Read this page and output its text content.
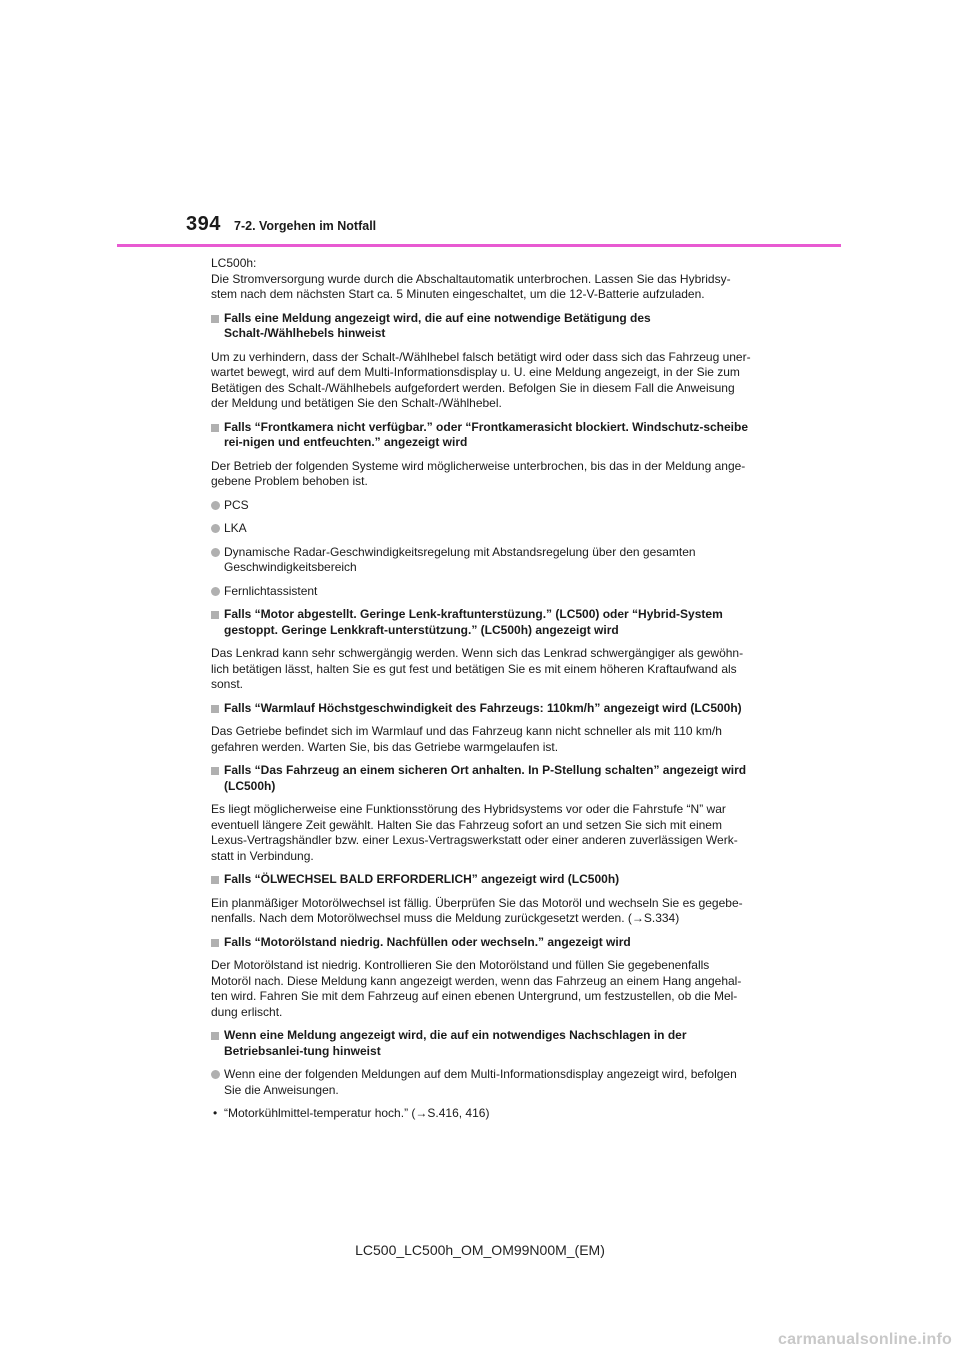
394 7-2. Vorgehen im Notfall

LC500h:
Die Stromversorgung wurde durch die Abschaltautomatik unterbrochen. Lassen Sie das Hybridsy-stem nach dem nächsten Start ca. 5 Minuten eingeschaltet, um die 12-V-Batterie aufzuladen.

Falls eine Meldung angezeigt wird, die auf eine notwendige Betätigung des Schalt-/Wählhebels hinweist

Um zu verhindern, dass der Schalt-/Wählhebel falsch betätigt wird oder dass sich das Fahrzeug uner-wartet bewegt, wird auf dem Multi-Informationsdisplay u. U. eine Meldung angezeigt, in der Sie zum Betätigen des Schalt-/Wählhebels aufgefordert werden. Befolgen Sie in diesem Fall die Anweisung der Meldung und betätigen Sie den Schalt-/Wählhebel.

Falls “Frontkamera nicht verfügbar.” oder “Frontkamerasicht blockiert. Windschutz-scheibe rei-nigen und entfeuchten.” angezeigt wird

Der Betrieb der folgenden Systeme wird möglicherweise unterbrochen, bis das in der Meldung ange-gebene Problem behoben ist.

PCS

LKA

Dynamische Radar-Geschwindigkeitsregelung mit Abstandsregelung über den gesamten Geschwindigkeitsbereich

Fernlichtassistent

Falls “Motor abgestellt. Geringe Lenk-kraftunterstüzung.” (LC500) oder “Hybrid-System gestoppt. Geringe Lenkkraft-unterstützung.” (LC500h) angezeigt wird

Das Lenkrad kann sehr schwergängig werden. Wenn sich das Lenkrad schwergängiger als gewöhn-lich betätigen lässt, halten Sie es gut fest und betätigen Sie es mit einem höheren Kraftaufwand als sonst.

Falls “Warmlauf Höchstgeschwindigkeit des Fahrzeugs: 110km/h” angezeigt wird (LC500h)

Das Getriebe befindet sich im Warmlauf und das Fahrzeug kann nicht schneller als mit 110 km/h gefahren werden. Warten Sie, bis das Getriebe warmgelaufen ist.

Falls “Das Fahrzeug an einem sicheren Ort anhalten. In P-Stellung schalten” angezeigt wird (LC500h)

Es liegt möglicherweise eine Funktionsstörung des Hybridsystems vor oder die Fahrstufe “N” war eventuell längere Zeit gewählt. Halten Sie das Fahrzeug sofort an und setzen Sie sich mit einem Lexus-Vertragshändler bzw. einer Lexus-Vertragswerkstatt oder einer anderen zuverlässigen Werk-statt in Verbindung.

Falls “ÖLWECHSEL BALD ERFORDERLICH” angezeigt wird (LC500h)

Ein planmäßiger Motorölwechsel ist fällig. Überprüfen Sie das Motoröl und wechseln Sie es gegebe-nenfalls. Nach dem Motorölwechsel muss die Meldung zurückgesetzt werden. (→S.334)

Falls “Motorölstand niedrig. Nachfüllen oder wechseln.” angezeigt wird

Der Motorölstand ist niedrig. Kontrollieren Sie den Motorölstand und füllen Sie gegebenenfalls Motoröl nach. Diese Meldung kann angezeigt werden, wenn das Fahrzeug an einem Hang angehal-ten wird. Fahren Sie mit dem Fahrzeug auf einen ebenen Untergrund, um festzustellen, ob die Mel-dung erlischt.

Wenn eine Meldung angezeigt wird, die auf ein notwendiges Nachschlagen in der Betriebsanlei-tung hinweist

Wenn eine der folgenden Meldungen auf dem Multi-Informationsdisplay angezeigt wird, befolgen Sie die Anweisungen.

• “Motorkühlmittel-temperatur hoch.” (→S.416, 416)

LC500_LC500h_OM_OM99N00M_(EM)
carmanualsonline.info
